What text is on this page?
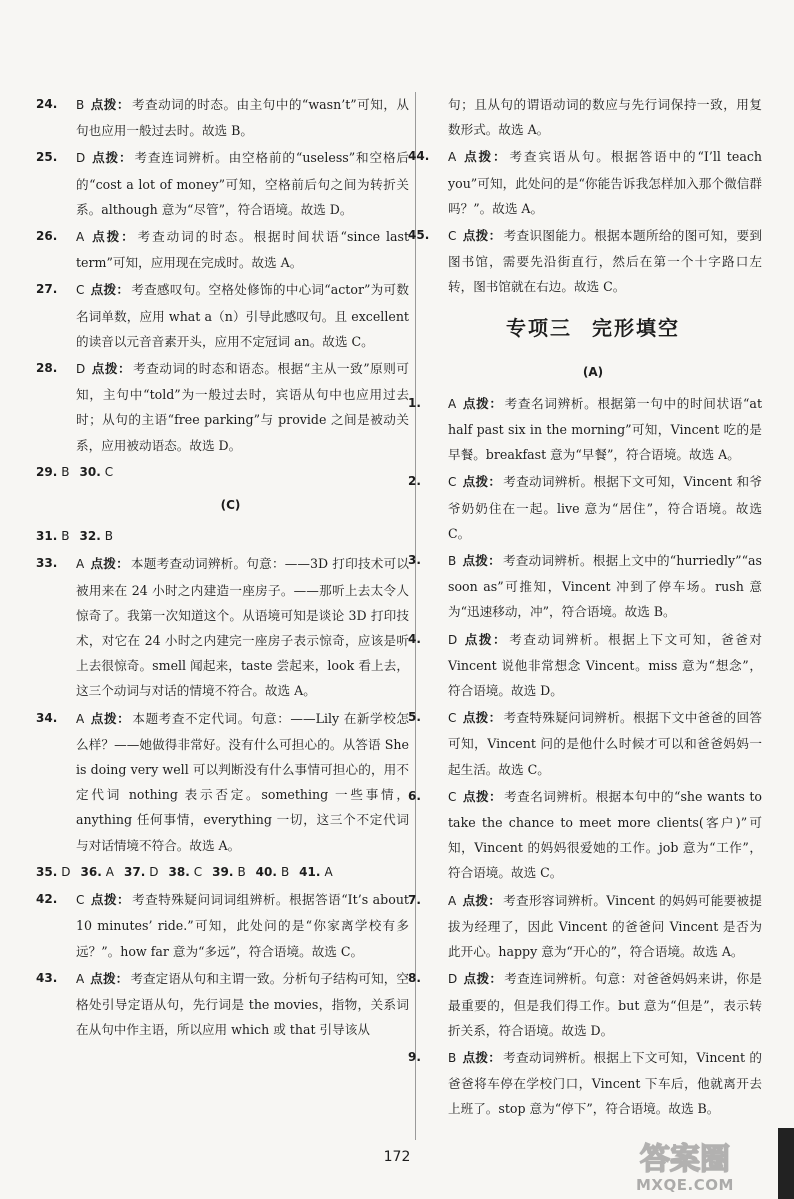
24. B 点拨： 考查动词的时态。由主句中的“wasn’t”可知，从句也应用一般过去时。故选 B。
25. D 点拨： 考查连词辨析。由空格前的“useless”和空格后的“cost a lot of money”可知，空格前后句之间为转折关系。although 意为“尽管”，符合语境。故选 D。
26. A 点拨： 考查动词的时态。根据时间状语“since last term”可知，应用现在完成时。故选 A。
27. C 点拨： 考查感叹句。空格处修饰的中心词“actor”为可数名词单数，应用 what a（n）引导此感叹句。且 excellent 的读音以元音音素开头，应用不定冠词 an。故选 C。
28. D 点拨： 考查动词的时态和语态。根据“主从一致”原则可知，主句中“told”为一般过去时，宾语从句中也应用过去时；从句的主语“free parking”与 provide 之间是被动关系，应用被动语态。故选 D。
29. B 30. C
(C)
31. B 32. B
33. A 点拨： 本题考查动词辨析。句意：——3D 打印技术可以被用来在 24 小时之内建造一座房子。——那听上去太令人惊奇了。我第一次知道这个。从语境可知是谈论 3D 打印技术，对它在 24 小时之内建完一座房子表示惊奇，应该是听上去很惊奇。smell 闻起来，taste 尝起来，look 看上去，这三个动词与对话的情境不符合。故选 A。
34. A 点拨： 本题考查不定代词。句意：——Lily 在新学校怎么样？——她做得非常好。没有什么可担心的。从答语 She is doing very well 可以判断没有什么事情可担心的，用不定代词 nothing 表示否定。something 一些事情，anything 任何事情，everything 一切，这三个不定代词与对话情境不符合。故选 A。
35. D 36. A 37. D 38. C 39. B 40. B 41. A
42. C 点拨： 考查特殊疑问词词组辨析。根据答语“It’s about 10 minutes’ ride.”可知，此处问的是“你家离学校有多远？”。how far 意为“多远”，符合语境。故选 C。
43. A 点拨： 考查定语从句和主谓一致。分析句子结构可知，空格处引导定语从句，先行词是 the movies，指物，关系词在从句中作主语，所以应用 which 或 that 引导该从
句；且从句的谓语动词的数应与先行词保持一致，用复数形式。故选 A。
44. A 点拨： 考查宾语从句。根据答语中的“I’ll teach you”可知，此处问的是“你能告诉我怎样加入那个微信群吗？”。故选 A。
45. C 点拨： 考查识图能力。根据本题所给的图可知，要到图书馆，需要先沿街直行，然后在第一个十字路口左转，图书馆就在右边。故选 C。
专项三 完形填空
(A)
1. A 点拨： 考查名词辨析。根据第一句中的时间状语“at half past six in the morning”可知，Vincent 吃的是早餐。breakfast 意为“早餐”，符合语境。故选 A。
2. C 点拨： 考查动词辨析。根据下文可知，Vincent 和爷爷奶奶住在一起。live 意为“居住”，符合语境。故选 C。
3. B 点拨： 考查动词辨析。根据上文中的“hurriedly”“as soon as”可推知，Vincent 冲到了停车场。rush 意为“迅速移动，冲”，符合语境。故选 B。
4. D 点拨： 考查动词辨析。根据上下文可知，爸爸对 Vincent 说他非常想念 Vincent。miss 意为“想念”，符合语境。故选 D。
5. C 点拨： 考查特殊疑问词辨析。根据下文中爸爸的回答可知，Vincent 问的是他什么时候才可以和爸爸妈妈一起生活。故选 C。
6. C 点拨： 考查名词辨析。根据本句中的“she wants to take the chance to meet more clients(客户)”可知，Vincent 的妈妈很爱她的工作。job 意为“工作”，符合语境。故选 C。
7. A 点拨： 考查形容词辨析。Vincent 的妈妈可能要被提拔为经理了，因此 Vincent 的爸爸问 Vincent 是否为此开心。happy 意为“开心的”，符合语境。故选 A。
8. D 点拨： 考查连词辨析。句意：对爸爸妈妈来讲，你是最重要的，但是我们得工作。but 意为“但是”，表示转折关系，符合语境。故选 D。
9. B 点拨： 考查动词辨析。根据上下文可知，Vincent 的爸爸将车停在学校门口，Vincent 下车后，他就离开去上班了。stop 意为“停下”，符合语境。故选 B。
172	答案圈
MXQE.COM
